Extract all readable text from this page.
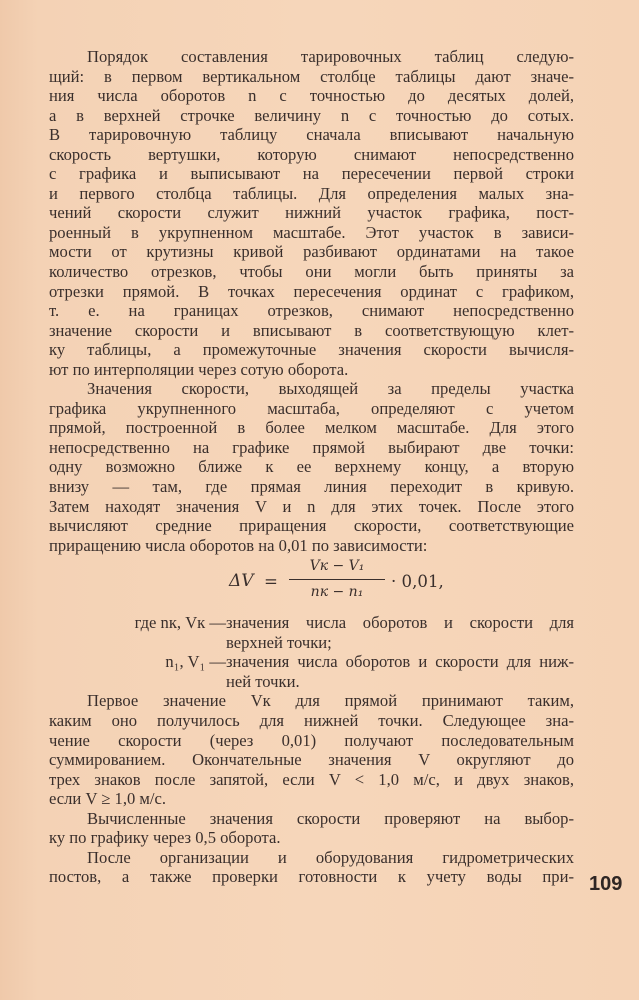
Порядок составления тарировочных таблиц следую-
щий: в первом вертикальном столбце таблицы дают значе-
ния числа оборотов n с точностью до десятых долей,
а в верхней строчке величину n с точностью до сотых.
В тарировочную таблицу сначала вписывают начальную
скорость вертушки, которую снимают непосредственно
с графика и выписывают на пересечении первой строки
и первого столбца таблицы. Для определения малых зна-
чений скорости служит нижний участок графика, пост-
роенный в укрупненном масштабе. Этот участок в зависи-
мости от крутизны кривой разбивают ординатами на такое
количество отрезков, чтобы они могли быть приняты за
отрезки прямой. В точках пересечения ординат с графиком,
т. е. на границах отрезков, снимают непосредственно
значение скорости и вписывают в соответствующую клет-
ку таблицы, а промежуточные значения скорости вычисля-
ют по интерполяции через сотую оборота.
Значения скорости, выходящей за пределы участка
графика укрупненного масштаба, определяют с учетом
прямой, построенной в более мелком масштабе. Для этого
непосредственно на графике прямой выбирают две точки:
одну возможно ближе к ее верхнему концу, а вторую
внизу — там, где прямая линия переходит в кривую.
Затем находят значения V и n для этих точек. После этого
вычисляют средние приращения скорости, соответствующие
приращению числа оборотов на 0,01 по зависимости:
ΔV =
Vк − V₁
nк − n₁
· 0,01,
где nк, Vк — значения числа оборотов и скорости для
верхней точки;
n₁, V₁ — значения числа оборотов и скорости для ниж-
ней точки.
Первое значение Vк для прямой принимают таким,
каким оно получилось для нижней точки. Следующее зна-
чение скорости (через 0,01) получают последовательным
суммированием. Окончательные значения V округляют до
трех знаков после запятой, если V < 1,0 м/с, и двух знаков,
если V ≥ 1,0 м/с.
Вычисленные значения скорости проверяют на выбор-
ку по графику через 0,5 оборота.
После организации и оборудования гидрометрических
постов, а также проверки готовности к учету воды при- 109
